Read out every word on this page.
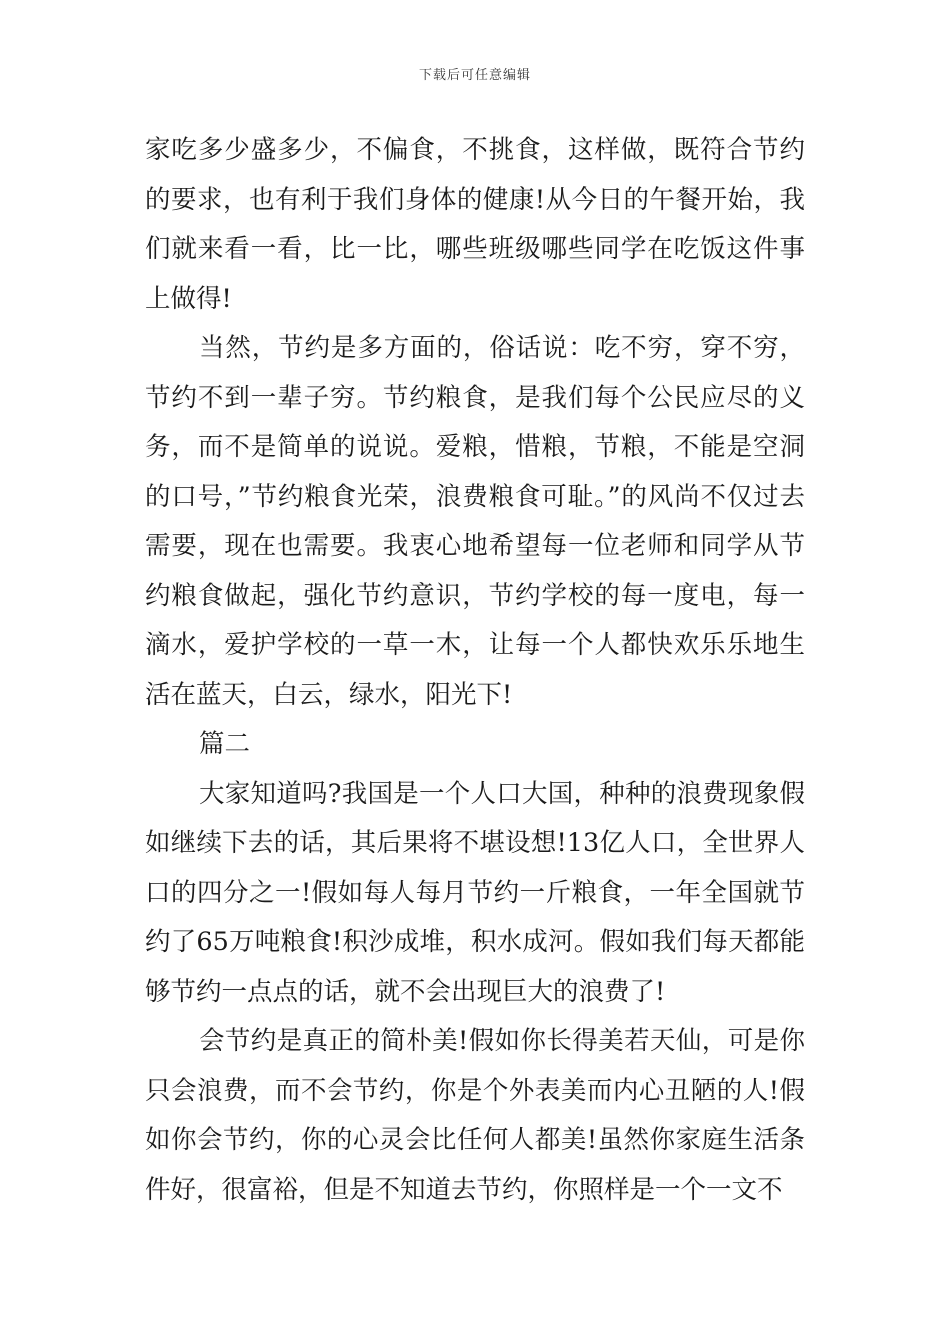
下载后可任意编辑

家吃多少盛多少，不偏食，不挑食，这样做，既符合节约的要求，也有利于我们身体的健康!从今日的午餐开始，我们就来看一看，比一比，哪些班级哪些同学在吃饭这件事上做得!

当然，节约是多方面的，俗话说：吃不穷，穿不穷，节约不到一辈子穷。节约粮食，是我们每个公民应尽的义务，而不是简单的说说。爱粮，惜粮，节粮，不能是空洞的口号，”节约粮食光荣，浪费粮食可耻。”的风尚不仅过去需要，现在也需要。我衷心地希望每一位老师和同学从节约粮食做起，强化节约意识，节约学校的每一度电，每一滴水，爱护学校的一草一木，让每一个人都快欢乐乐地生活在蓝天，白云，绿水，阳光下!

篇二

大家知道吗?我国是一个人口大国，种种的浪费现象假如继续下去的话，其后果将不堪设想!13亿人口，全世界人口的四分之一!假如每人每月节约一斤粮食，一年全国就节约了65万吨粮食!积沙成堆，积水成河。假如我们每天都能够节约一点点的话，就不会出现巨大的浪费了!

会节约是真正的简朴美!假如你长得美若天仙，可是你只会浪费，而不会节约，你是个外表美而内心丑陋的人!假如你会节约，你的心灵会比任何人都美!虽然你家庭生活条件好，很富裕，但是不知道去节约，你照样是一个一文不
